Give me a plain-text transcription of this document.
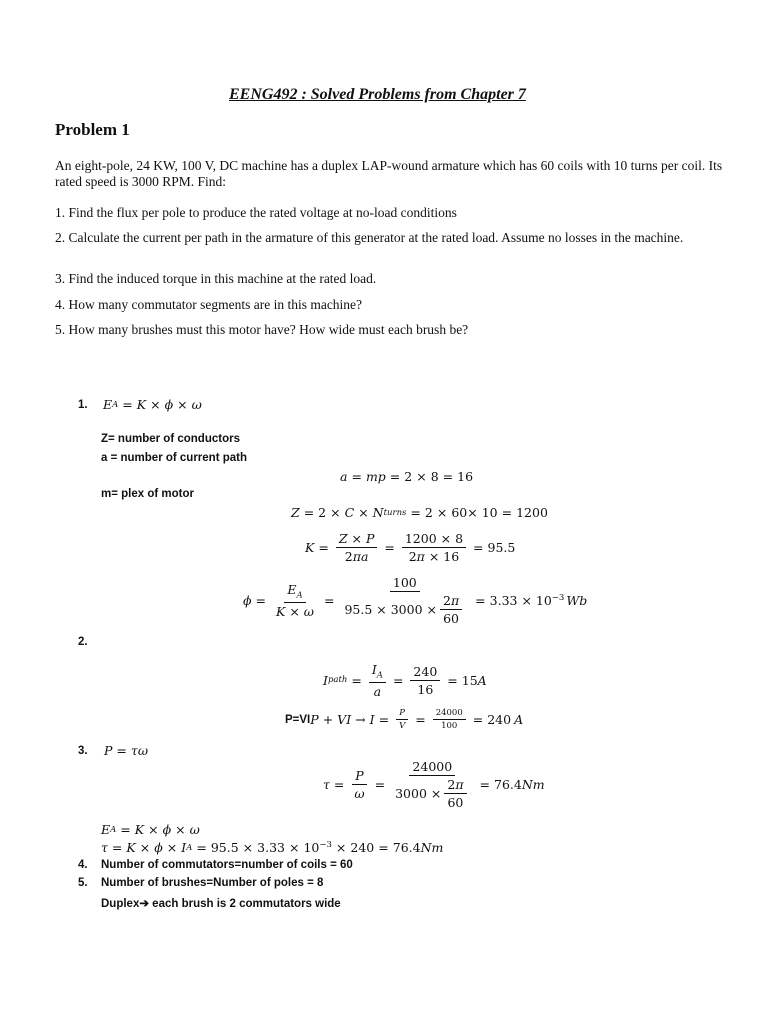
EENG492 : Solved Problems from Chapter 7
Problem 1
An eight-pole, 24 KW, 100 V, DC machine has a duplex LAP-wound armature which has 60 coils with 10 turns per coil. Its rated speed is 3000 RPM. Find:
1. Find the flux per pole to produce the rated voltage at no-load conditions
2. Calculate the current per path in the armature of this generator at the rated load. Assume no losses in the machine.
3. Find the induced torque in this machine at the rated load.
4. How many commutator segments are in this machine?
5. How many brushes must this motor have? How wide must each brush be?
1. E A = K × ϕ × ω
Z= number of conductors
a = number of current path
a = mp = 2 × 8 = 16
m= plex of motor
Z = 2 × C × N turns = 2 × 60× 10 = 1200
$K = \frac{Z \times P}{2\pi a} = \frac{1200 \times 8}{2\pi \times 16} = 95.5$
$\phi = \frac{E_A}{K \times \omega} = \frac{100}{95.5 \times 3000 \times \frac{2\pi}{60}} = 3.33 \times 10^{-3}$ Wb
2.
I path = $\frac{I_A}{a} = \frac{240}{16} = 15$ A
P=VI P + VI → $I = \frac{P}{V} = \frac{24000}{100} = 240$ A
3. P = τω
$\tau = \frac{P}{\omega} = \frac{24000}{3000 \times \frac{2\pi}{60}} = 76.4$ Nm
E A = K × ϕ × ω
τ = K × ϕ × I $A = 95.5 \times 3.33 \times 10^{-3} \times 240 = 76.4$ Nm
4. Number of commutators=number of coils = 60
5. Number of brushes=Number of poles = 8
Duplex➔ each brush is 2 commutators wide
